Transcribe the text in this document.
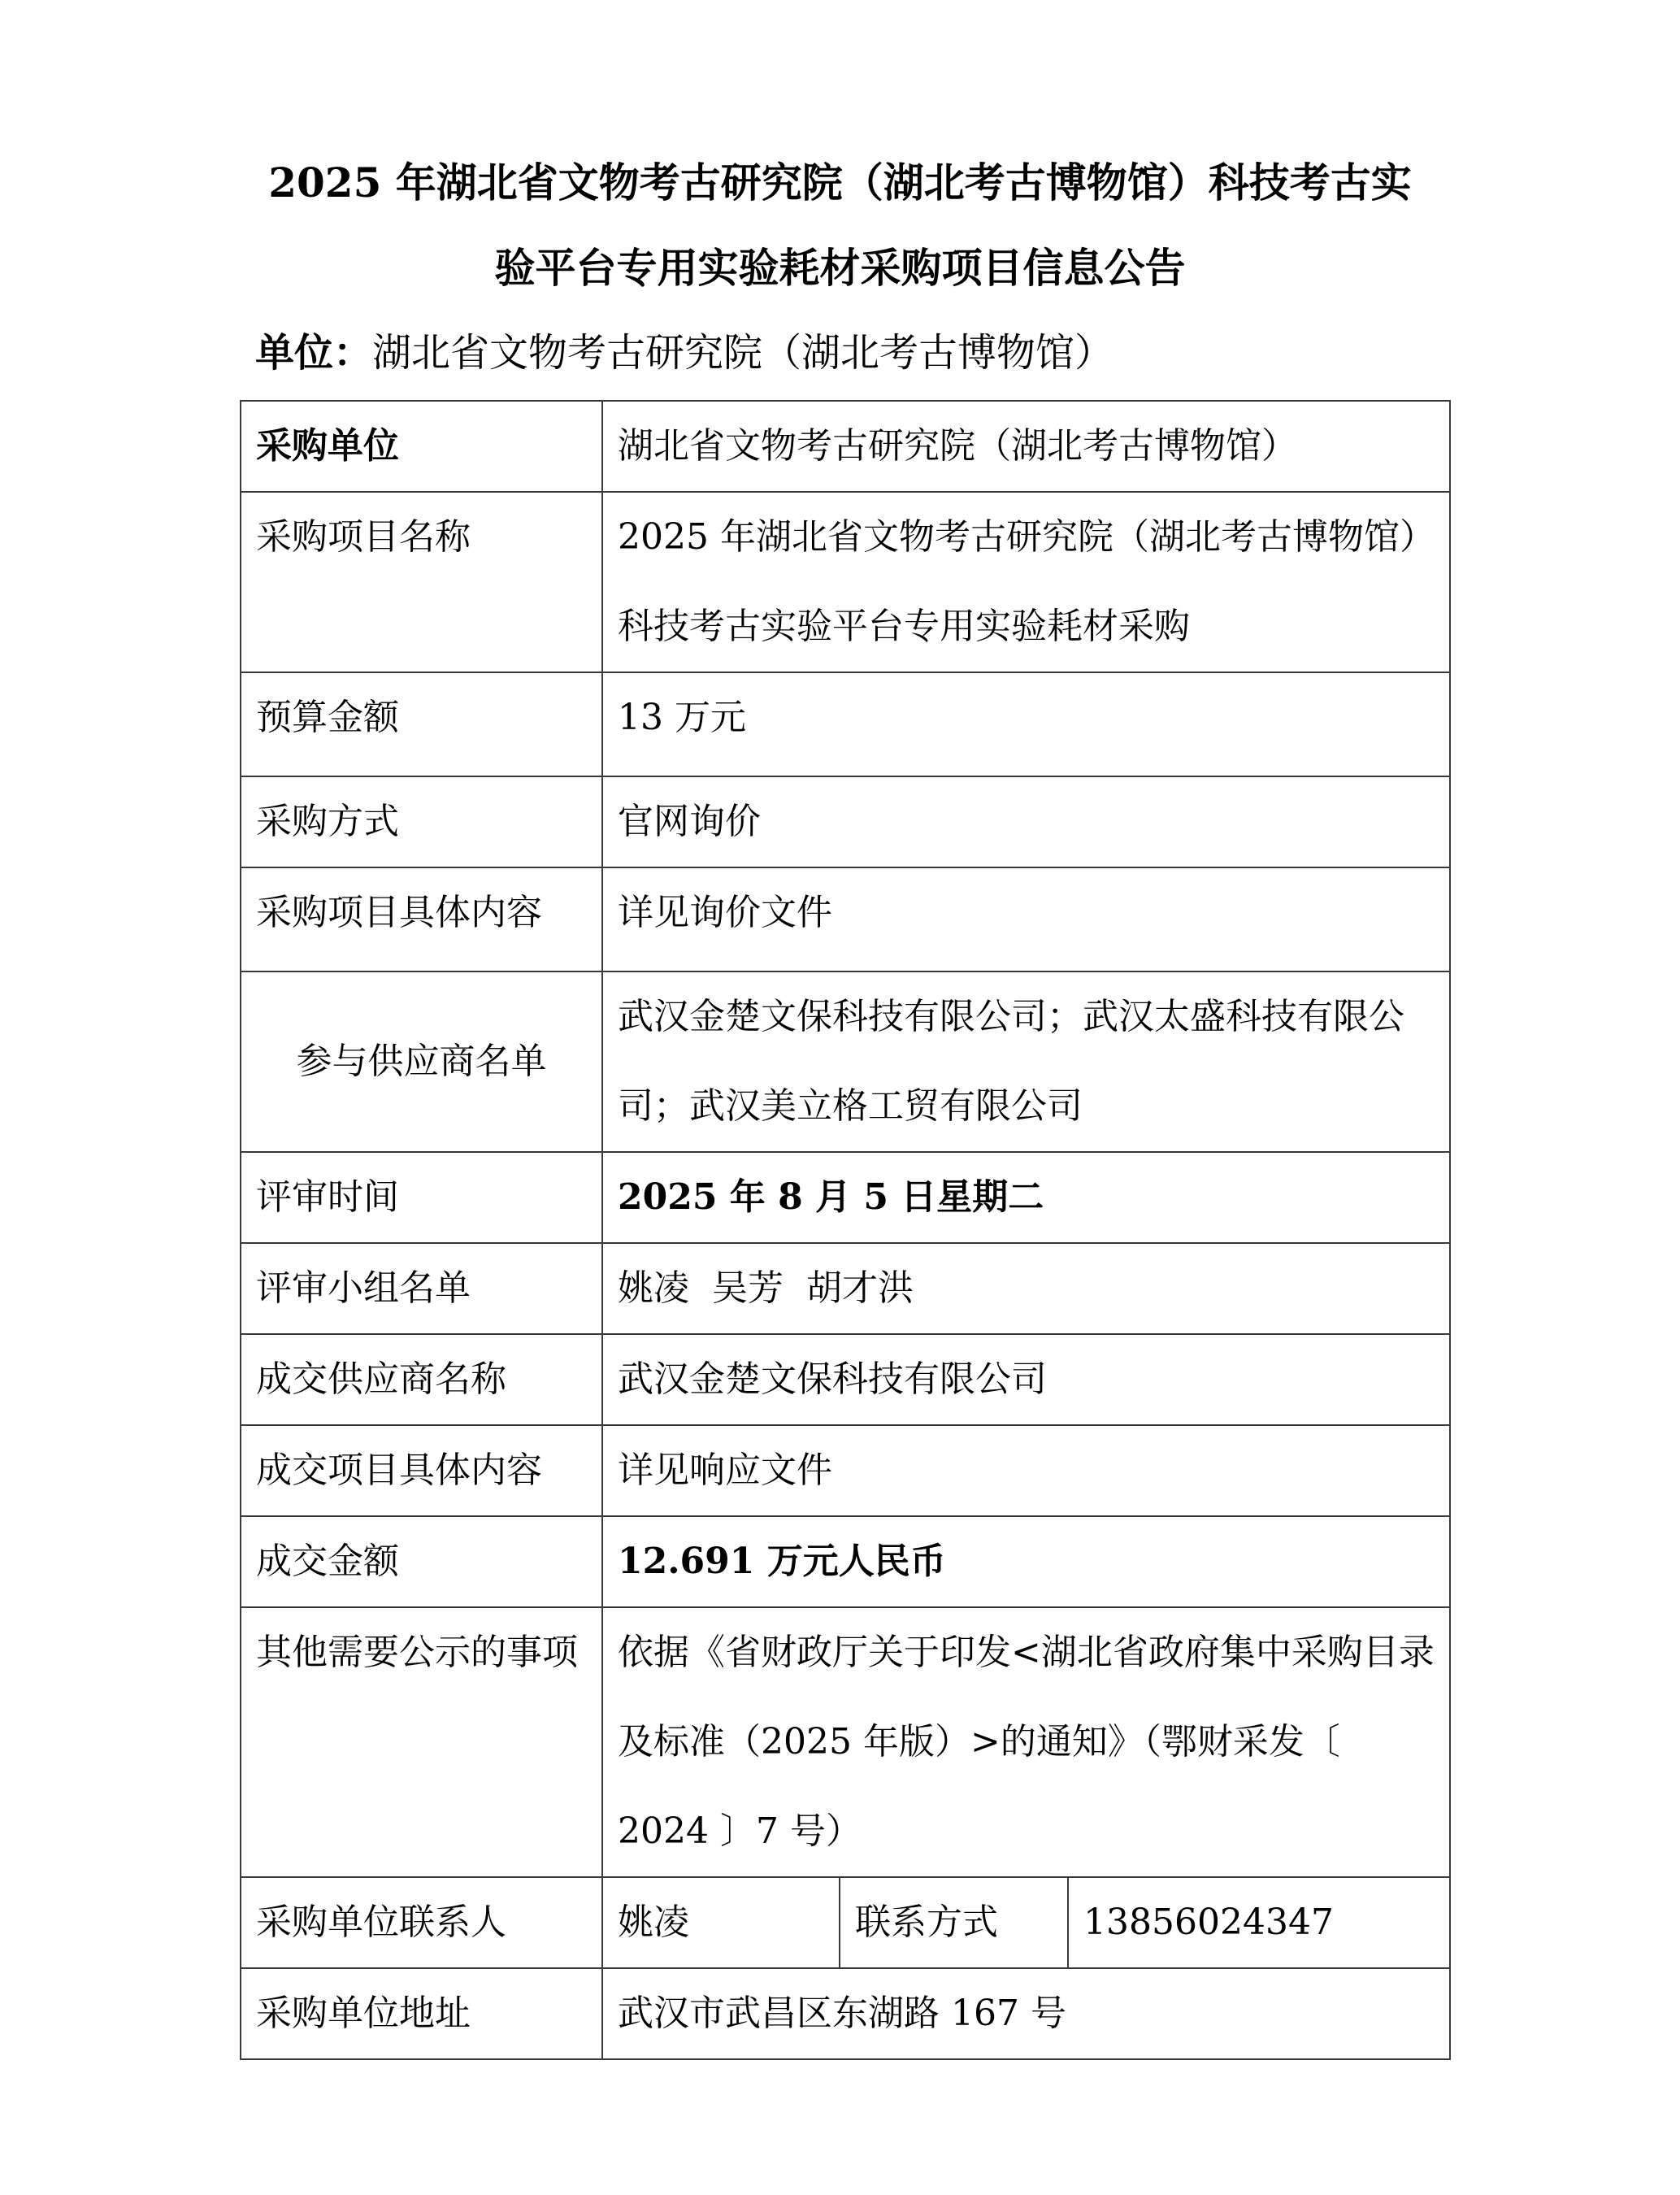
2025 年湖北省文物考古研究院（湖北考古博物馆）科技考古实
验平台专用实验耗材采购项目信息公告
单位：湖北省文物考古研究院（湖北考古博物馆）
采购单位	湖北省文物考古研究院（湖北考古博物馆）		
采购项目名称	2025 年湖北省文物考古研究院（湖北考古博物馆）科技考古实验平台专用实验耗材采购		
预算金额	13 万元		
采购方式	官网询价		
采购项目具体内容	详见询价文件		
参与供应商名单	武汉金楚文保科技有限公司；武汉太盛科技有限公司；武汉美立格工贸有限公司		
评审时间	2025 年 8 月 5 日星期二		
评审小组名单	姚凌  吴芳  胡才洪		
成交供应商名称	武汉金楚文保科技有限公司		
成交项目具体内容	详见响应文件		
成交金额	12.691 万元人民币		
其他需要公示的事项	依据《省财政厅关于印发<湖北省政府集中采购目录及标准（2025 年版）>的通知》（鄂财采发〔 2024 〕7 号）		
采购单位联系人	姚凌	联系方式	13856024347
采购单位地址	武汉市武昌区东湖路 167 号		
